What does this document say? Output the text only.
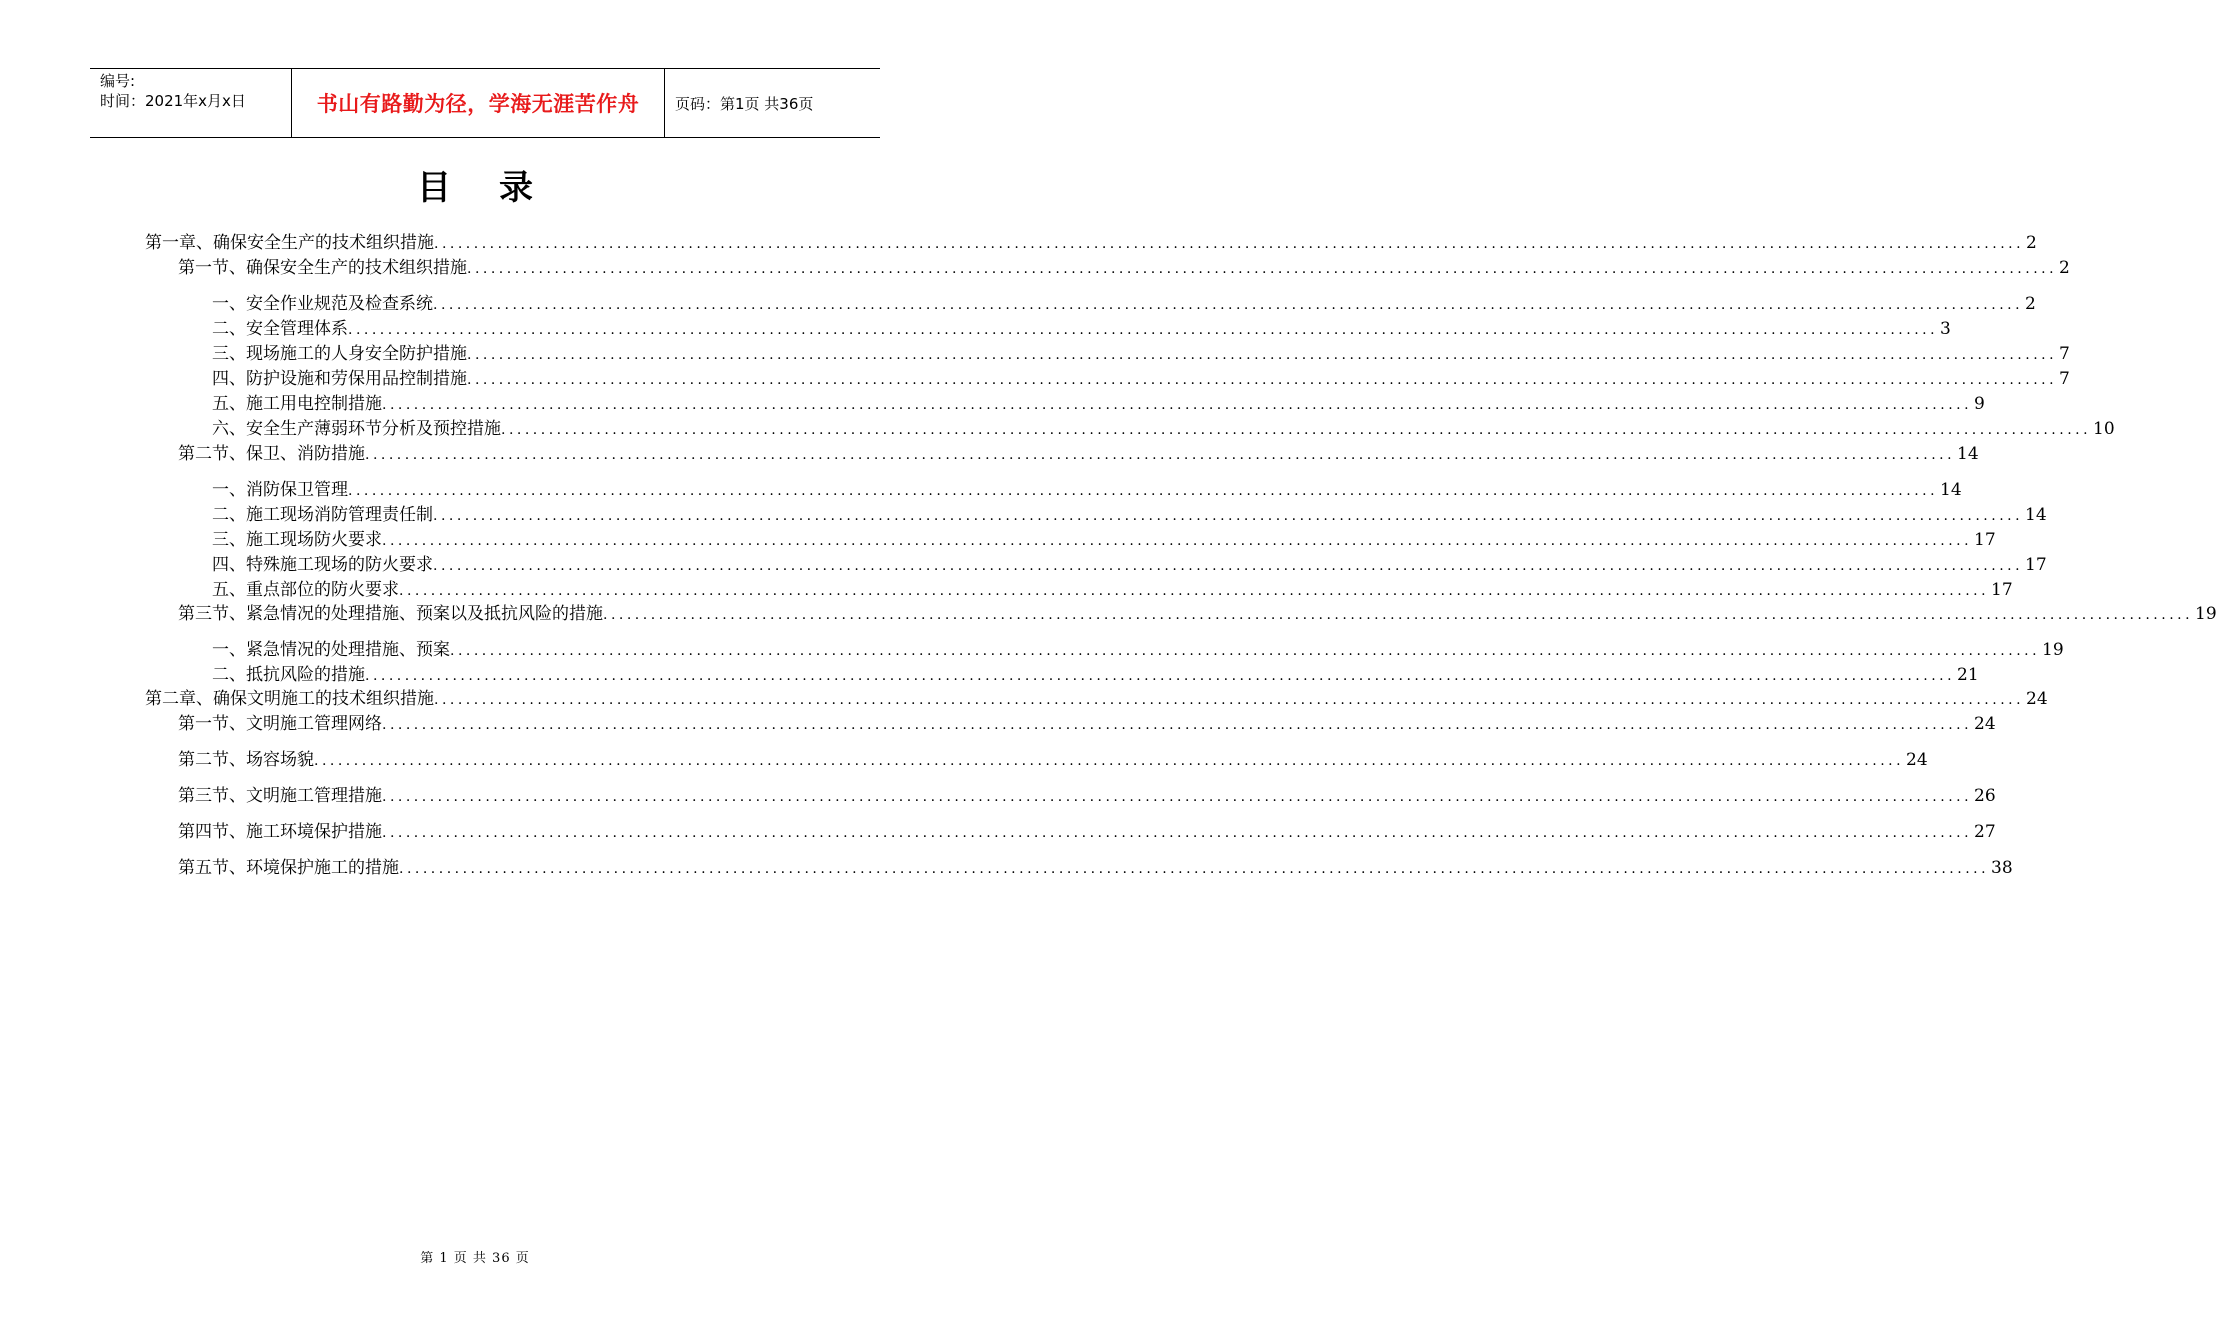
编号:
时间：2021年x月x日	书山有路勤为径，学海无涯苦作舟	页码：第1页 共36页
目录
第一章、确保安全生产的技术组织措施 ........................................................................................................................................................................................................ 2
第一节、确保安全生产的技术组织措施 ........................................................................................................................................................................................................ 2
一、安全作业规范及检查系统 ........................................................................................................................................................................................................ 2
二、安全管理体系 ........................................................................................................................................................................................................ 3
三、现场施工的人身安全防护措施 ........................................................................................................................................................................................................ 7
四、防护设施和劳保用品控制措施 ........................................................................................................................................................................................................ 7
五、施工用电控制措施 ........................................................................................................................................................................................................ 9
六、安全生产薄弱环节分析及预控措施 ........................................................................................................................................................................................................ 10
第二节、保卫、消防措施 ........................................................................................................................................................................................................ 14
一、消防保卫管理 ........................................................................................................................................................................................................ 14
二、施工现场消防管理责任制 ........................................................................................................................................................................................................ 14
三、施工现场防火要求 ........................................................................................................................................................................................................ 17
四、特殊施工现场的防火要求 ........................................................................................................................................................................................................ 17
五、重点部位的防火要求 ........................................................................................................................................................................................................ 17
第三节、紧急情况的处理措施、预案以及抵抗风险的措施 ........................................................................................................................................................................................................ 19
一、紧急情况的处理措施、预案 ........................................................................................................................................................................................................ 19
二、抵抗风险的措施 ........................................................................................................................................................................................................ 21
第二章、确保文明施工的技术组织措施 ........................................................................................................................................................................................................ 24
第一节、文明施工管理网络 ........................................................................................................................................................................................................ 24
第二节、场容场貌 ........................................................................................................................................................................................................ 24
第三节、文明施工管理措施 ........................................................................................................................................................................................................ 26
第四节、施工环境保护措施 ........................................................................................................................................................................................................ 27
第五节、环境保护施工的措施 ........................................................................................................................................................................................................ 38
第 1 页 共 36 页
